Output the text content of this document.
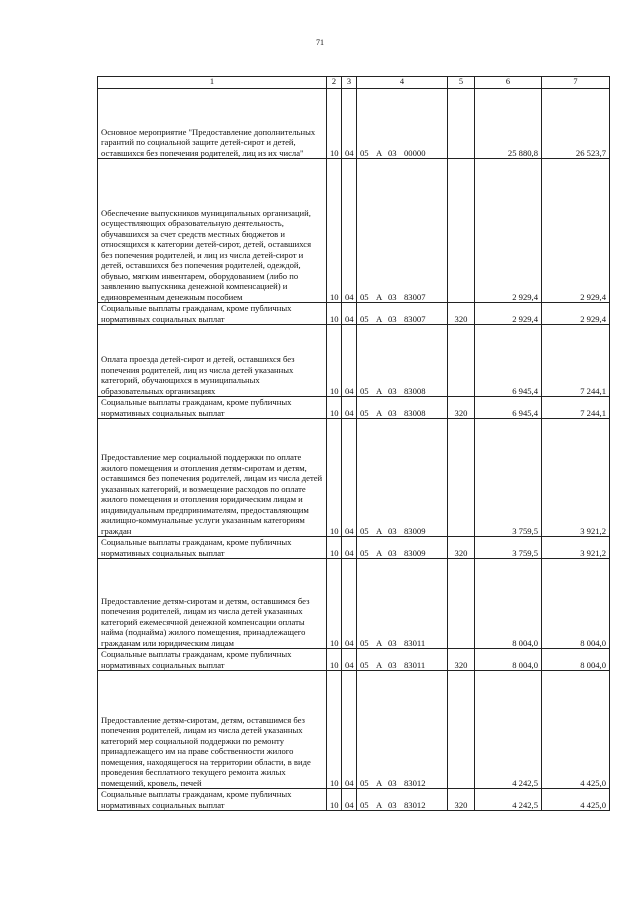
71
1	2	3	4	5	6	7
Основное мероприятие "Предоставление дополнительных гарантий по социальной защите детей-сирот и детей, оставшихся без попечения родителей, лиц из их числа"	10	04	05 А 03 00000		25 880,8	26 523,7

Обеспечение выпускников муниципальных организаций, осуществляющих образовательную деятельность, обучавшихся за счет средств местных бюджетов и относящихся к категории детей-сирот, детей, оставшихся без попечения родителей, и лиц из числа детей-сирот и детей, оставшихся без попечения родителей, одеждой, обувью, мягким инвентарем, оборудованием (либо по заявлению выпускника денежной компенсацией) и единовременным денежным пособием	10	04	05 А 03 83007		2 929,4	2 929,4
Социальные выплаты гражданам, кроме публичных нормативных социальных выплат	10	04	05 А 03 83007	320	2 929,4	2 929,4

Оплата проезда детей-сирот и детей, оставшихся без попечения родителей, лиц из числа детей указанных категорий, обучающихся в муниципальных образовательных организациях	10	04	05 А 03 83008		6 945,4	7 244,1
Социальные выплаты гражданам, кроме публичных нормативных социальных выплат	10	04	05 А 03 83008	320	6 945,4	7 244,1
Предоставление мер социальной поддержки по оплате жилого помещения и отопления детям-сиротам и детям, оставшимся без попечения родителей, лицам из числа детей указанных категорий, и возмещение расходов по оплате жилого помещения и отопления юридическим лицам и индивидуальным предпринимателям, предоставляющим жилищно-коммунальные услуги указанным категориям граждан	10	04	05 А 03 83009		3 759,5	3 921,2
Социальные выплаты гражданам, кроме публичных нормативных социальных выплат	10	04	05 А 03 83009	320	3 759,5	3 921,2

Предоставление детям-сиротам и детям, оставшимся без попечения родителей, лицам из числа детей указанных категорий ежемесячной денежной компенсации оплаты найма (поднайма) жилого помещения, принадлежащего гражданам или юридическим лицам	10	04	05 А 03 83011		8 004,0	8 004,0
Социальные выплаты гражданам, кроме публичных нормативных социальных выплат	10	04	05 А 03 83011	320	8 004,0	8 004,0

Предоставление детям-сиротам, детям, оставшимся без попечения родителей, лицам из числа детей указанных категорий мер социальной поддержки по ремонту принадлежащего им на праве собственности жилого помещения, находящегося на территории области, в виде проведения бесплатного текущего ремонта жилых помещений, кровель, печей	10	04	05 А 03 83012		4 242,5	4 425,0
Социальные выплаты гражданам, кроме публичных нормативных социальных выплат	10	04	05 А 03 83012	320	4 242,5	4 425,0
